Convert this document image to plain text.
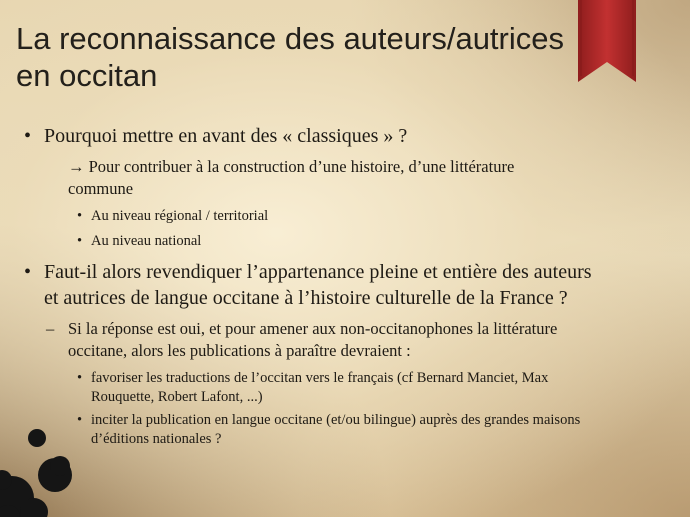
La reconnaissance des auteurs/autrices
en occitan
• Pourquoi mettre en avant des « classiques » ?
→ Pour contribuer à la construction d’une histoire, d’une littérature
commune
• Au niveau régional / territorial
• Au niveau national
• Faut-il alors revendiquer l’appartenance pleine et entière des auteurs
et autrices de langue occitane à l’histoire culturelle de la France ?
– Si la réponse est oui, et pour amener aux non-occitanophones la littérature
occitane, alors les publications à paraître devraient :
• favoriser les traductions de l’occitan vers le français (cf Bernard Manciet, Max
Rouquette, Robert Lafont, ...)
• inciter la publication en langue occitane (et/ou bilingue) auprès des grandes maisons
d’éditions nationales ?
